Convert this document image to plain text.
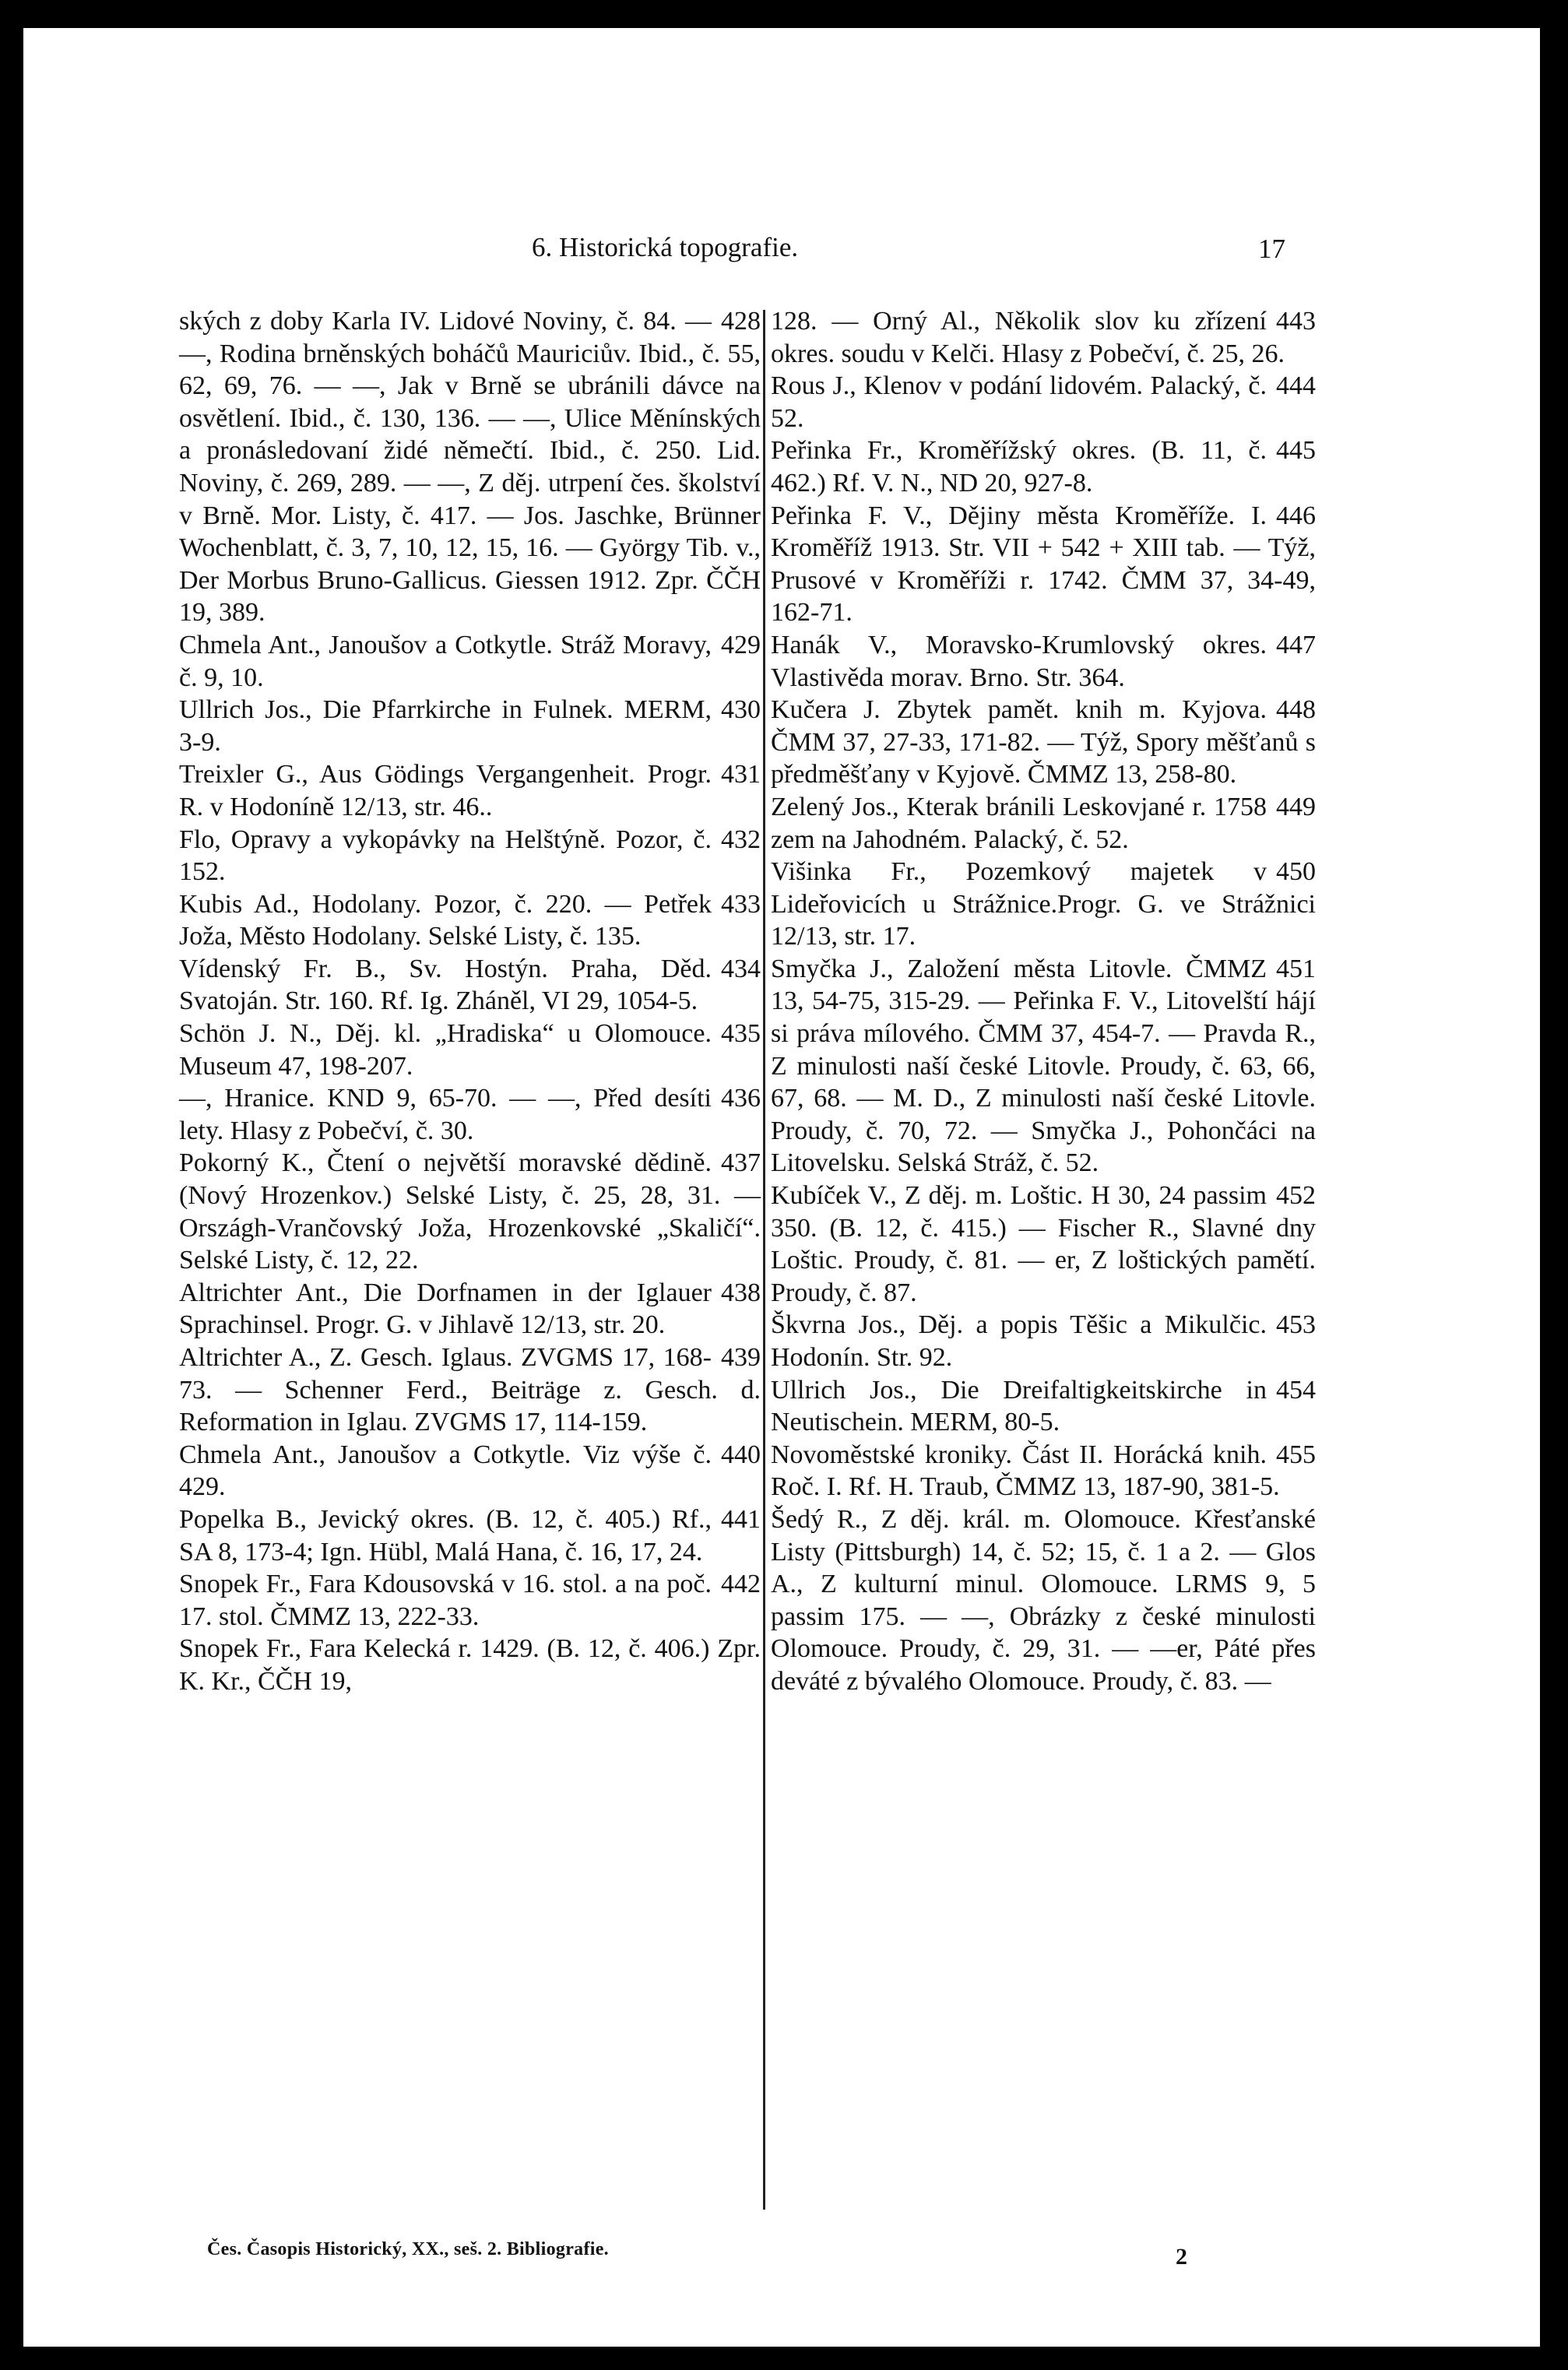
6. Historická topografie.	17

428
ských z doby Karla IV. Lidové Noviny, č. 84. — —, Rodina brněnských boháčů Mauriciův. Ibid., č. 55, 62, 69, 76. — —, Jak v Brně se ubránili dávce na osvětlení. Ibid., č. 130, 136. — —, Ulice Měnínských a pronásledovaní židé němečtí. Ibid., č. 250. Lid. Noviny, č. 269, 289. — —, Z děj. utrpení čes. školství v Brně. Mor. Listy, č. 417. — Jos. Jaschke, Brünner Wochenblatt, č. 3, 7, 10, 12, 15, 16. — György Tib. v., Der Morbus Bruno-Gallicus. Giessen 1912. Zpr. ČČH 19, 389.

429
Chmela Ant., Janoušov a Cotkytle. Stráž Moravy, č. 9, 10.

430
Ullrich Jos., Die Pfarrkirche in Fulnek. MERM, 3-9.

431
Treixler G., Aus Gödings Vergangenheit. Progr. R. v Hodoníně 12/13, str. 46..

432
Flo, Opravy a vykopávky na Helštýně. Pozor, č. 152.

433
Kubis Ad., Hodolany. Pozor, č. 220. — Petřek Joža, Město Hodolany. Selské Listy, č. 135.

434
Vídenský Fr. B., Sv. Hostýn. Praha, Děd. Svatoján. Str. 160. Rf. Ig. Zháněl, VI 29, 1054-5.

435
Schön J. N., Děj. kl. „Hradiska“ u Olomouce. Museum 47, 198-207.

436
—, Hranice. KND 9, 65-70. — —, Před desíti lety. Hlasy z Pobečví, č. 30.

437
Pokorný K., Čtení o největší moravské dědině. (Nový Hrozenkov.) Selské Listy, č. 25, 28, 31. — Országh-Vrančovský Joža, Hrozenkovské „Skaličí“. Selské Listy, č. 12, 22.

438
Altrichter Ant., Die Dorfnamen in der Iglauer Sprachinsel. Progr. G. v Jihlavě 12/13, str. 20.

439
Altrichter A., Z. Gesch. Iglaus. ZVGMS 17, 168-73. — Schenner Ferd., Beiträge z. Gesch. d. Reformation in Iglau. ZVGMS 17, 114-159.

440
Chmela Ant., Janoušov a Cotkytle. Viz výše č. 429.

441
Popelka B., Jevický okres. (B. 12, č. 405.) Rf., SA 8, 173-4; Ign. Hübl, Malá Hana, č. 16, 17, 24.

442
Snopek Fr., Fara Kdousovská v 16. stol. a na poč. 17. stol. ČMMZ 13, 222-33.

Snopek Fr., Fara Kelecká r. 1429. (B. 12, č. 406.) Zpr. K. Kr., ČČH 19,

443
128. — Orný Al., Několik slov ku zřízení okres. soudu v Kelči. Hlasy z Pobečví, č. 25, 26.

444
Rous J., Klenov v podání lidovém. Palacký, č. 52.

445
Peřinka Fr., Kroměřížský okres. (B. 11, č. 462.) Rf. V. N., ND 20, 927-8.

446
Peřinka F. V., Dějiny města Kroměříže. I. Kroměříž 1913. Str. VII + 542 + XIII tab. — Týž, Prusové v Kroměříži r. 1742. ČMM 37, 34-49, 162-71.

447
Hanák V., Moravsko-Krumlovský okres. Vlastivěda morav. Brno. Str. 364.

448
Kučera J. Zbytek pamět. knih m. Kyjova. ČMM 37, 27-33, 171-82. — Týž, Spory měšťanů s předměšťany v Kyjově. ČMMZ 13, 258-80.

449
Zelený Jos., Kterak bránili Leskovjané r. 1758 zem na Jahodném. Palacký, č. 52.

450
Višinka Fr., Pozemkový majetek v Lideřovicích u Strážnice.Progr. G. ve Strážnici 12/13, str. 17.

451
Smyčka J., Založení města Litovle. ČMMZ 13, 54-75, 315-29. — Peřinka F. V., Litovelští hájí si práva mílového. ČMM 37, 454-7. — Pravda R., Z minulosti naší české Litovle. Proudy, č. 63, 66, 67, 68. — M. D., Z minulosti naší české Litovle. Proudy, č. 70, 72. — Smyčka J., Pohončáci na Litovelsku. Selská Stráž, č. 52.

452
Kubíček V., Z děj. m. Loštic. H 30, 24 passim 350. (B. 12, č. 415.) — Fischer R., Slavné dny Loštic. Proudy, č. 81. — er, Z loštických pamětí. Proudy, č. 87.

453
Škvrna Jos., Děj. a popis Těšic a Mikulčic. Hodonín. Str. 92.

454
Ullrich Jos., Die Dreifaltigkeitskirche in Neutischein. MERM, 80-5.

455
Novoměstské kroniky. Část II. Horácká knih. Roč. I. Rf. H. Traub, ČMMZ 13, 187-90, 381-5.

Šedý R., Z děj. král. m. Olomouce. Křesťanské Listy (Pittsburgh) 14, č. 52; 15, č. 1 a 2. — Glos A., Z kulturní minul. Olomouce. LRMS 9, 5 passim 175. — —, Obrázky z české minulosti Olomouce. Proudy, č. 29, 31. — —er, Páté přes deváté z bývalého Olomouce. Proudy, č. 83. —

Čes. Časopis Historický, XX., seš. 2. Bibliografie.	2
